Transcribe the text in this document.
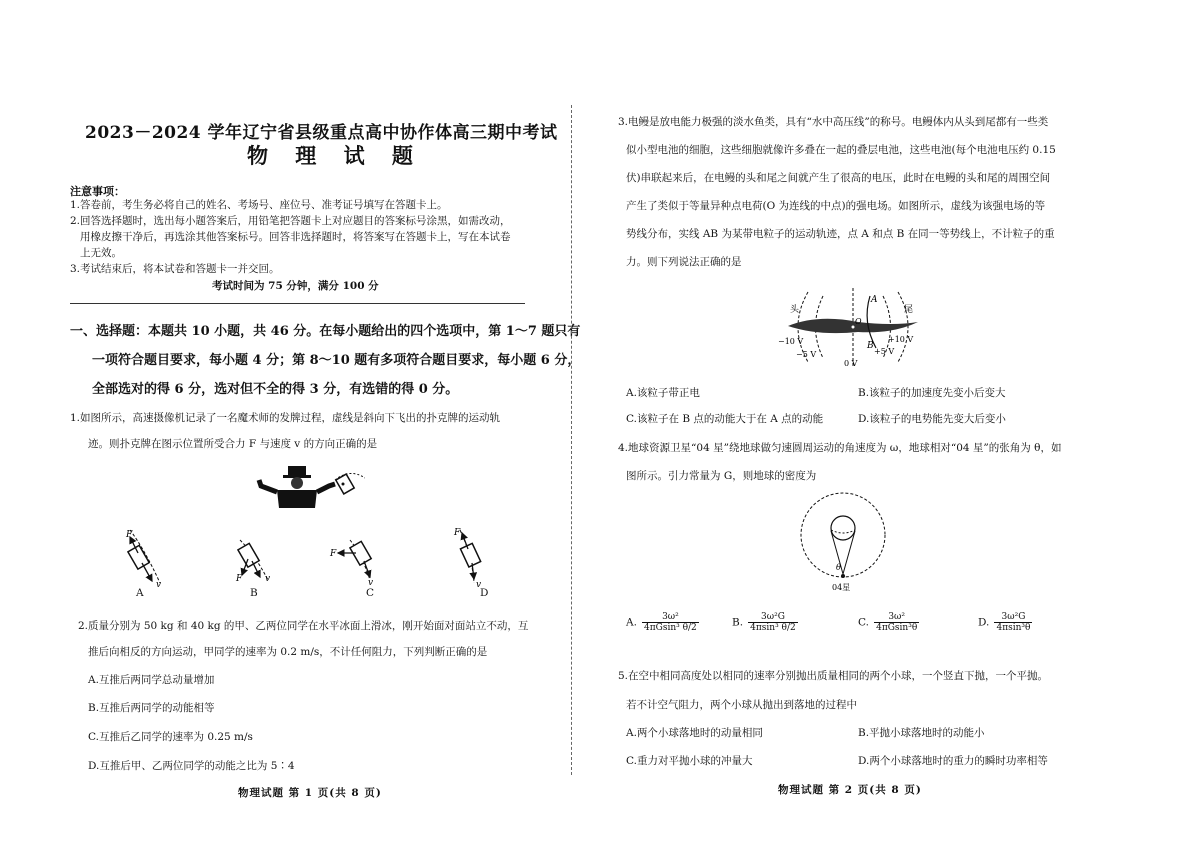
2023－2024 学年辽宁省县级重点高中协作体高三期中考试
物 理 试 题
注意事项：
1.答卷前，考生务必将自己的姓名、考场号、座位号、准考证号填写在答题卡上。
2.回答选择题时，选出每小题答案后，用铅笔把答题卡上对应题目的答案标号涂黑，如需改动，
用橡皮擦干净后，再选涂其他答案标号。回答非选择题时，将答案写在答题卡上，写在本试卷
上无效。
3.考试结束后，将本试卷和答题卡一并交回。
考试时间为 75 分钟，满分 100 分
一、选择题：本题共 10 小题，共 46 分。在每小题给出的四个选项中，第 1～7 题只有
一项符合题目要求，每小题 4 分；第 8～10 题有多项符合题目要求，每小题 6 分，
全部选对的得 6 分，选对但不全的得 3 分，有选错的得 0 分。
1.如图所示，高速摄像机记录了一名魔术师的发牌过程，虚线是斜向下飞出的扑克牌的运动轨
迹。则扑克牌在图示位置所受合力 F 与速度 v 的方向正确的是
F
v
F	v
F
v
F
v
A	B	C	D
2.质量分别为 50 kg 和 40 kg 的甲、乙两位同学在水平冰面上滑冰，刚开始面对面站立不动，互
推后向相反的方向运动，甲同学的速率为 0.2 m/s，不计任何阻力，下列判断正确的是
A.互推后两同学总动量增加
B.互推后两同学的动能相等
C.互推后乙同学的速率为 0.25 m/s
D.互推后甲、乙两位同学的动能之比为 5∶4
物理试题 第 1 页(共 8 页)
3.电鳗是放电能力极强的淡水鱼类，具有“水中高压线”的称号。电鳗体内从头到尾都有一些类
似小型电池的细胞，这些细胞就像许多叠在一起的叠层电池，这些电池(每个电池电压约 0.15
伏)串联起来后，在电鳗的头和尾之间就产生了很高的电压，此时在电鳗的头和尾的周围空间
产生了类似于等量异种点电荷(O 为连线的中点)的强电场。如图所示，虚线为该强电场的等
势线分布，实线 AB 为某带电粒子的运动轨迹，点 A 和点 B 在同一等势线上，不计粒子的重
力。则下列说法正确的是
头	尾
A
B
O
−10 V
−5 V
0 V
+5 V
+10 V
A.该粒子带正电	B.该粒子的加速度先变小后变大
C.该粒子在 B 点的动能大于在 A 点的动能	D.该粒子的电势能先变大后变小
4.地球资源卫星“04 星”绕地球做匀速圆周运动的角速度为 ω，地球相对“04 星”的张角为 θ，如
图所示。引力常量为 G，则地球的密度为
θ
04星
A. $\frac{\text{3ω²}}{\text{4πGsin³ θ/2}}$	B. $\frac{\text{3ω²G}}{\text{4πsin³ θ/2}}$	C. $\frac{\text{3ω²}}{\text{4πGsin³θ}}$	D. $\frac{\text{3ω²G}}{\text{4πsin³θ}}$
5.在空中相同高度处以相同的速率分别抛出质量相同的两个小球，一个竖直下抛，一个平抛。
若不计空气阻力，两个小球从抛出到落地的过程中
A.两个小球落地时的动量相同	B.平抛小球落地时的动能小
C.重力对平抛小球的冲量大	D.两个小球落地时的重力的瞬时功率相等
物理试题 第 2 页(共 8 页)
